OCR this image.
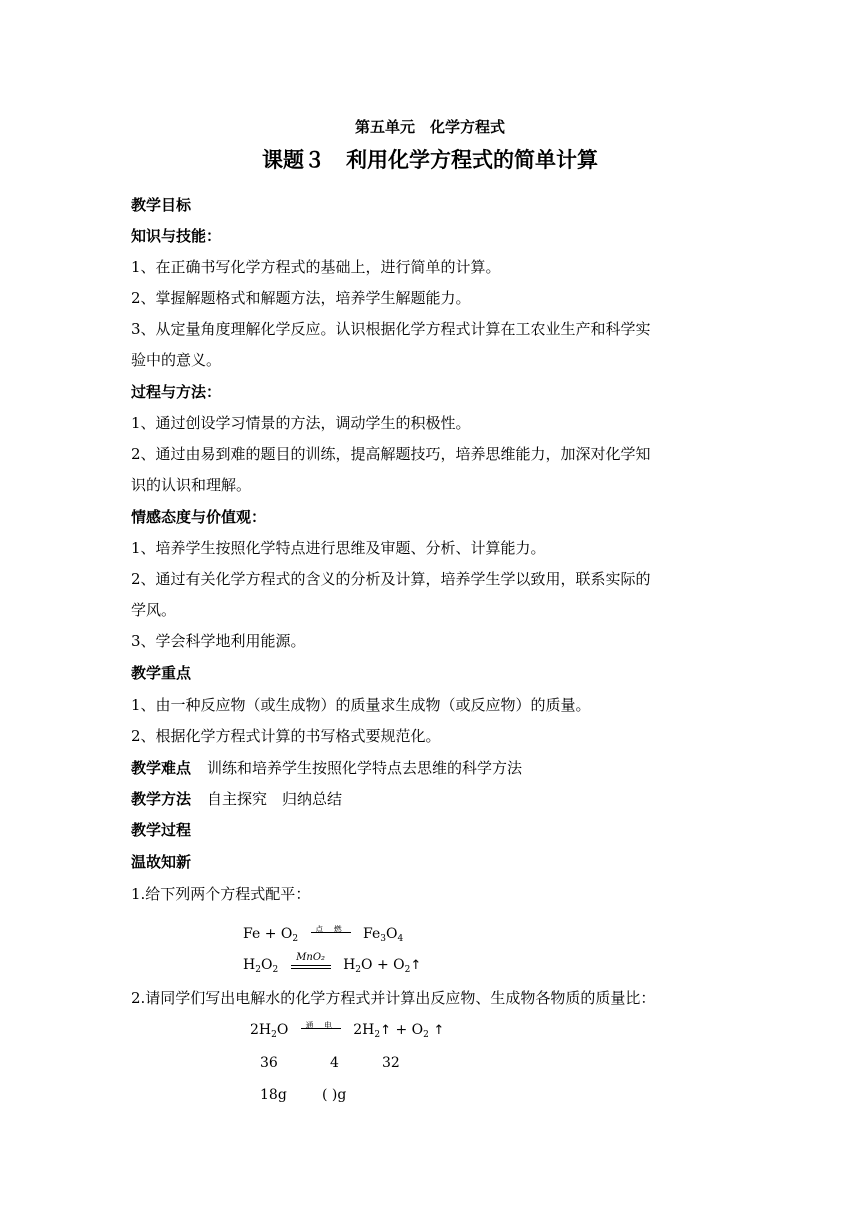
第五单元　化学方程式
课题３　利用化学方程式的简单计算
教学目标
知识与技能：
1、在正确书写化学方程式的基础上，进行简单的计算。
2、掌握解题格式和解题方法，培养学生解题能力。
3、从定量角度理解化学反应。认识根据化学方程式计算在工农业生产和科学实
验中的意义。
过程与方法：
1、通过创设学习情景的方法，调动学生的积极性。
2、通过由易到难的题目的训练，提高解题技巧，培养思维能力，加深对化学知
识的认识和理解。
情感态度与价值观：
1、培养学生按照化学特点进行思维及审题、分析、计算能力。
2、通过有关化学方程式的含义的分析及计算，培养学生学以致用，联系实际的
学风。
3、学会科学地利用能源。
教学重点
1、由一种反应物（或生成物）的质量求生成物（或反应物）的质量。
2、根据化学方程式计算的书写格式要规范化。
教学难点 训练和培养学生按照化学特点去思维的科学方法
教学方法 自主探究　归纳总结
教学过程
温故知新
1.给下列两个方程式配平：
$Fe + O_2$
点 燃	$Fe_3O_4$
$H_2O_2$
MnO₂	$H_2O$ + $O_2↑$
2.请同学们写出电解水的化学方程式并计算出反应物、生成物各物质的质量比：
$2H_2O$	通 电	$2H_2↑ + O_2$ ↑
36	4	32
18g	( )g
